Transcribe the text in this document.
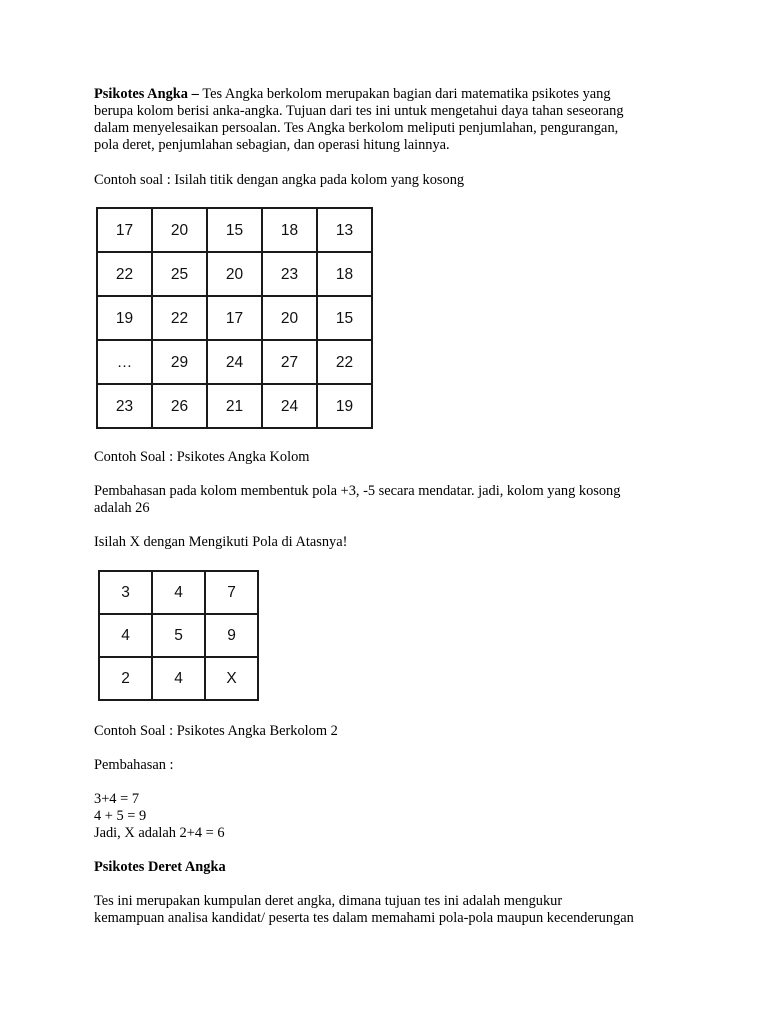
Psikotes Angka – Tes Angka berkolom merupakan bagian dari matematika psikotes yang
berupa kolom berisi anka-angka. Tujuan dari tes ini untuk mengetahui daya tahan seseorang
dalam menyelesaikan persoalan. Tes Angka berkolom meliputi penjumlahan, pengurangan,
pola deret, penjumlahan sebagian, dan operasi hitung lainnya.
Contoh soal : Isilah titik dengan angka pada kolom yang kosong
17	20	15	18	13
22	25	20	23	18
19	22	17	20	15
…	29	24	27	22
23	26	21	24	19
Contoh Soal : Psikotes Angka Kolom
Pembahasan pada kolom membentuk pola +3, -5 secara mendatar. jadi, kolom yang kosong
adalah 26
Isilah X dengan Mengikuti Pola di Atasnya!
3	4	7
4	5	9
2	4	X
Contoh Soal : Psikotes Angka Berkolom 2
Pembahasan :
3+4 = 7
4 + 5 = 9
Jadi, X adalah 2+4 = 6
Psikotes Deret Angka
Tes ini merupakan kumpulan deret angka, dimana tujuan tes ini adalah mengukur
kemampuan analisa kandidat/ peserta tes dalam memahami pola-pola maupun kecenderungan
